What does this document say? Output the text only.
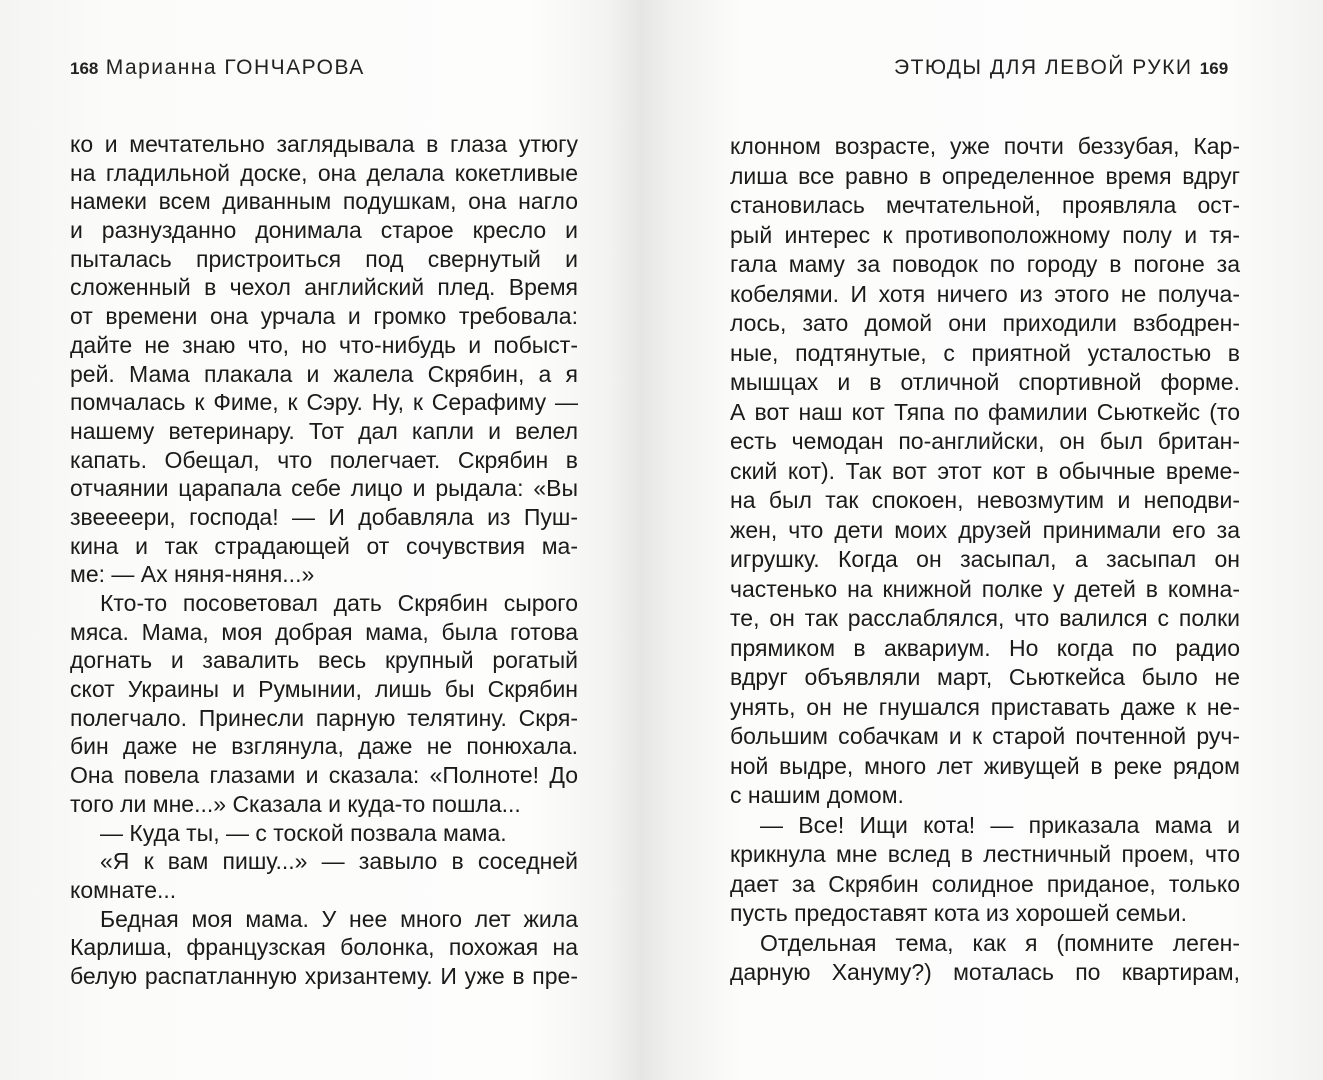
168 Марианна ГОНЧАРОВА	ЭТЮДЫ ДЛЯ ЛЕВОЙ РУКИ 169
ко и мечтательно заглядывала в глаза утюгу
на гладильной доске, она делала кокетливые
намеки всем диванным подушкам, она нагло
и разнузданно донимала старое кресло и
пыталась пристроиться под свернутый и
сложенный в чехол английский плед. Время
от времени она урчала и громко требовала:
дайте не знаю что, но что-нибудь и побыст-
рей. Мама плакала и жалела Скрябин, а я
помчалась к Фиме, к Сэру. Ну, к Серафиму —
нашему ветеринару. Тот дал капли и велел
капать. Обещал, что полегчает. Скрябин в
отчаянии царапала себе лицо и рыдала: «Вы
звеееери, господа! — И добавляла из Пуш-
кина и так страдающей от сочувствия ма-
ме: — Ах няня-няня...»
Кто-то посоветовал дать Скрябин сырого
мяса. Мама, моя добрая мама, была готова
догнать и завалить весь крупный рогатый
скот Украины и Румынии, лишь бы Скрябин
полегчало. Принесли парную телятину. Скря-
бин даже не взглянула, даже не понюхала.
Она повела глазами и сказала: «Полноте! До
того ли мне...» Сказала и куда-то пошла...
— Куда ты, — с тоской позвала мама.
«Я к вам пишу...» — завыло в соседней
комнате...
Бедная моя мама. У нее много лет жила
Карлиша, французская болонка, похожая на
белую распатланную хризантему. И уже в пре-
клонном возрасте, уже почти беззубая, Кар-
лиша все равно в определенное время вдруг
становилась мечтательной, проявляла ост-
рый интерес к противоположному полу и тя-
гала маму за поводок по городу в погоне за
кобелями. И хотя ничего из этого не получа-
лось, зато домой они приходили взбодрен-
ные, подтянутые, с приятной усталостью в
мышцах и в отличной спортивной форме.
А вот наш кот Тяпа по фамилии Сьюткейс (то
есть чемодан по-английски, он был британ-
ский кот). Так вот этот кот в обычные време-
на был так спокоен, невозмутим и неподви-
жен, что дети моих друзей принимали его за
игрушку. Когда он засыпал, а засыпал он
частенько на книжной полке у детей в комна-
те, он так расслаблялся, что валился с полки
прямиком в аквариум. Но когда по радио
вдруг объявляли март, Сьюткейса было не
унять, он не гнушался приставать даже к не-
большим собачкам и к старой почтенной руч-
ной выдре, много лет живущей в реке рядом
с нашим домом.
— Все! Ищи кота! — приказала мама и
крикнула мне вслед в лестничный проем, что
дает за Скрябин солидное приданое, только
пусть предоставят кота из хорошей семьи.
Отдельная тема, как я (помните леген-
дарную Хануму?) моталась по квартирам,
